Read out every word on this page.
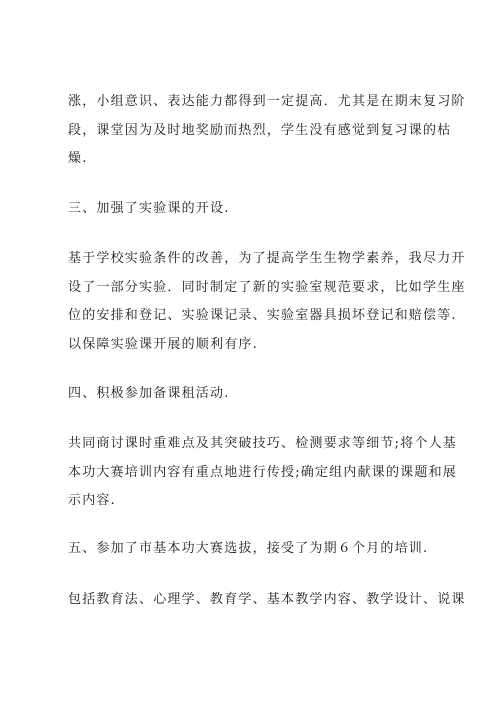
涨，小组意识、表达能力都得到一定提高．尤其是在期末复习阶
段，课堂因为及时地奖励而热烈，学生没有感觉到复习课的枯
燥.
三、加强了实验课的开设.
基于学校实验条件的改善，为了提高学生生物学素养，我尽力开
设了一部分实验．同时制定了新的实验室规范要求，比如学生座
位的安排和登记、实验课记录、实验室器具损坏登记和赔偿等.
以保障实验课开展的顺利有序.
四、积极参加备课租活动.
共同商讨课时重难点及其突破技巧、检测要求等细节;将个人基
本功大赛培训内容有重点地进行传授;确定组内献课的课题和展
示内容.
五、参加了市基本功大赛选拔，接受了为期６个月的培训.
包括教育法、心理学、教育学、基本教学内容、教学设计、说课
